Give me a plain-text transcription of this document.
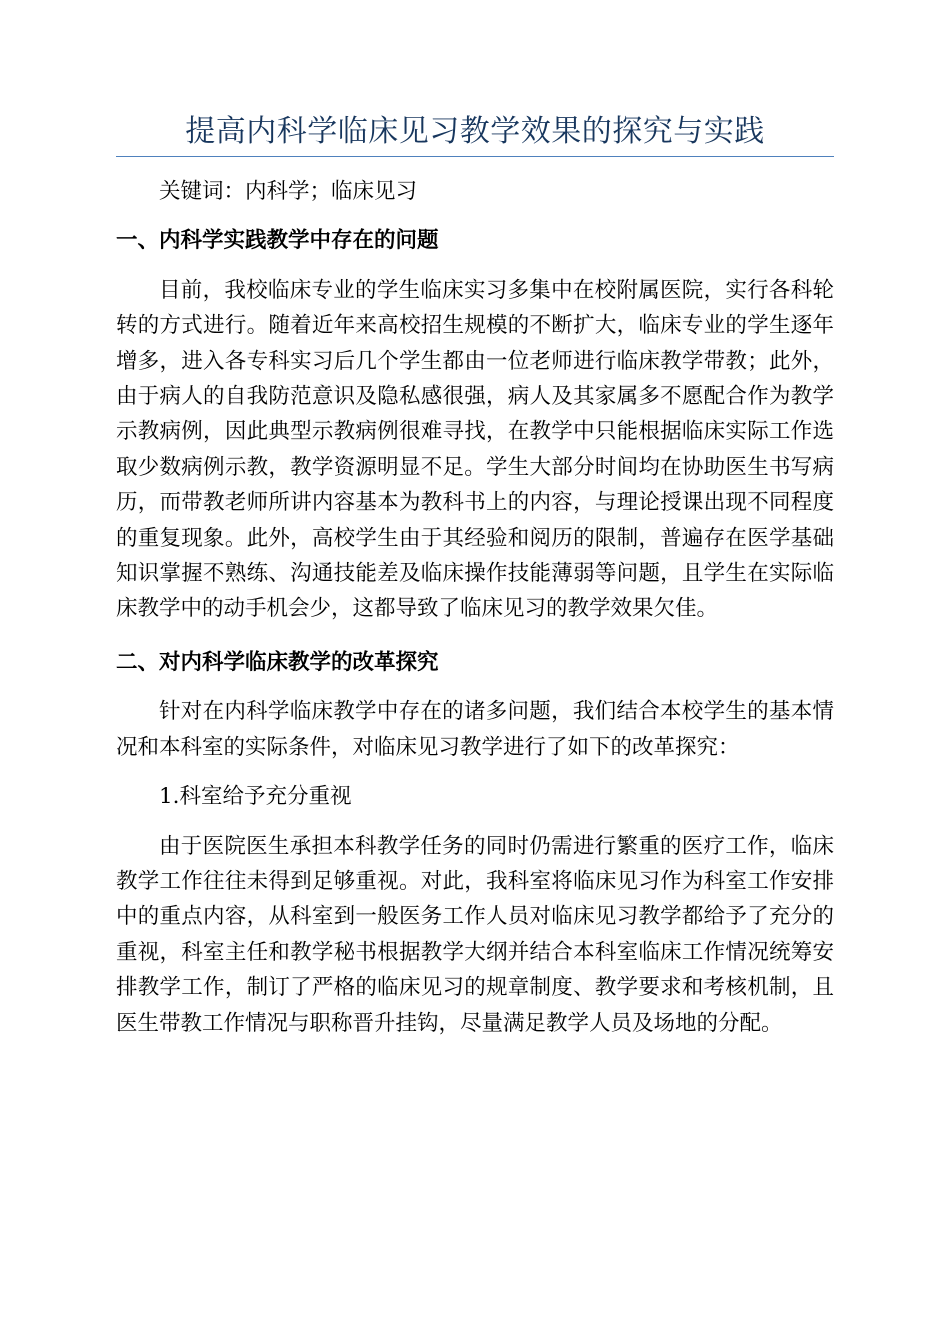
提高内科学临床见习教学效果的探究与实践

关键词：内科学；临床见习

一、内科学实践教学中存在的问题

目前，我校临床专业的学生临床实习多集中在校附属医院，实行各科轮转的方式进行。随着近年来高校招生规模的不断扩大，临床专业的学生逐年增多，进入各专科实习后几个学生都由一位老师进行临床教学带教；此外，由于病人的自我防范意识及隐私感很强，病人及其家属多不愿配合作为教学示教病例，因此典型示教病例很难寻找，在教学中只能根据临床实际工作选取少数病例示教，教学资源明显不足。学生大部分时间均在协助医生书写病历，而带教老师所讲内容基本为教科书上的内容，与理论授课出现不同程度的重复现象。此外，高校学生由于其经验和阅历的限制，普遍存在医学基础知识掌握不熟练、沟通技能差及临床操作技能薄弱等问题，且学生在实际临床教学中的动手机会少，这都导致了临床见习的教学效果欠佳。

二、对内科学临床教学的改革探究

针对在内科学临床教学中存在的诸多问题，我们结合本校学生的基本情况和本科室的实际条件，对临床见习教学进行了如下的改革探究：

1.科室给予充分重视

由于医院医生承担本科教学任务的同时仍需进行繁重的医疗工作，临床教学工作往往未得到足够重视。对此，我科室将临床见习作为科室工作安排中的重点内容，从科室到一般医务工作人员对临床见习教学都给予了充分的重视，科室主任和教学秘书根据教学大纲并结合本科室临床工作情况统筹安排教学工作，制订了严格的临床见习的规章制度、教学要求和考核机制，且医生带教工作情况与职称晋升挂钩，尽量满足教学人员及场地的分配。
